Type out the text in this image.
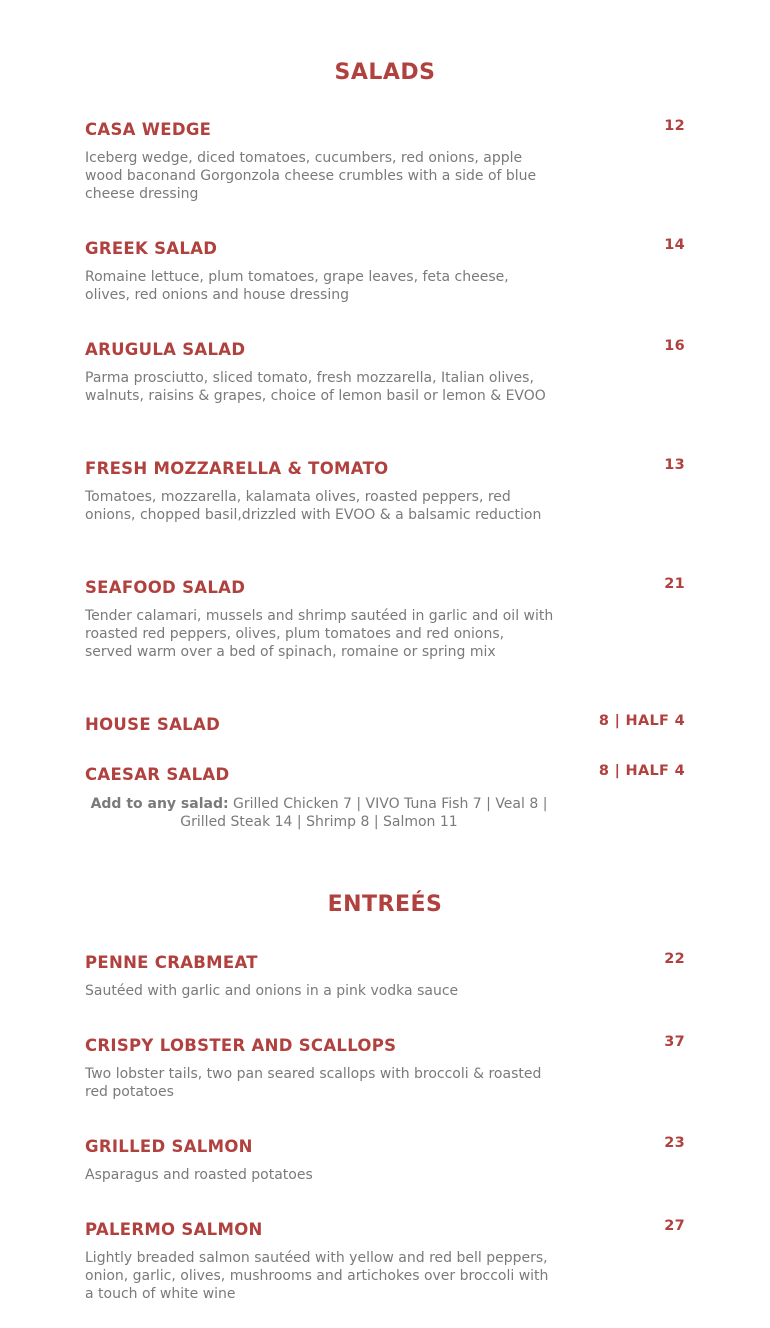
SALADS
CASA WEDGE	12
Iceberg wedge, diced tomatoes, cucumbers, red onions, apple wood baconand Gorgonzola cheese crumbles with a side of blue cheese dressing
GREEK SALAD	14
Romaine lettuce, plum tomatoes, grape leaves, feta cheese, olives, red onions and house dressing
ARUGULA SALAD	16
Parma prosciutto, sliced tomato, fresh mozzarella, Italian olives, walnuts, raisins & grapes, choice of lemon basil or lemon & EVOO
FRESH MOZZARELLA & TOMATO	13
Tomatoes, mozzarella, kalamata olives, roasted peppers, red onions, chopped basil,drizzled with EVOO & a balsamic reduction
SEAFOOD SALAD	21
Tender calamari, mussels and shrimp sautéed in garlic and oil with roasted red peppers, olives, plum tomatoes and red onions, served warm over a bed of spinach, romaine or spring mix
HOUSE SALAD	8 | HALF 4
CAESAR SALAD	8 | HALF 4
Add to any salad: Grilled Chicken 7 | VIVO Tuna Fish 7 | Veal 8 | Grilled Steak 14 | Shrimp 8 | Salmon 11
ENTREÉS
PENNE CRABMEAT	22
Sautéed with garlic and onions in a pink vodka sauce
CRISPY LOBSTER AND SCALLOPS	37
Two lobster tails, two pan seared scallops with broccoli & roasted red potatoes
GRILLED SALMON	23
Asparagus and roasted potatoes
PALERMO SALMON	27
Lightly breaded salmon sautéed with yellow and red bell peppers, onion, garlic, olives, mushrooms and artichokes over broccoli with a touch of white wine
